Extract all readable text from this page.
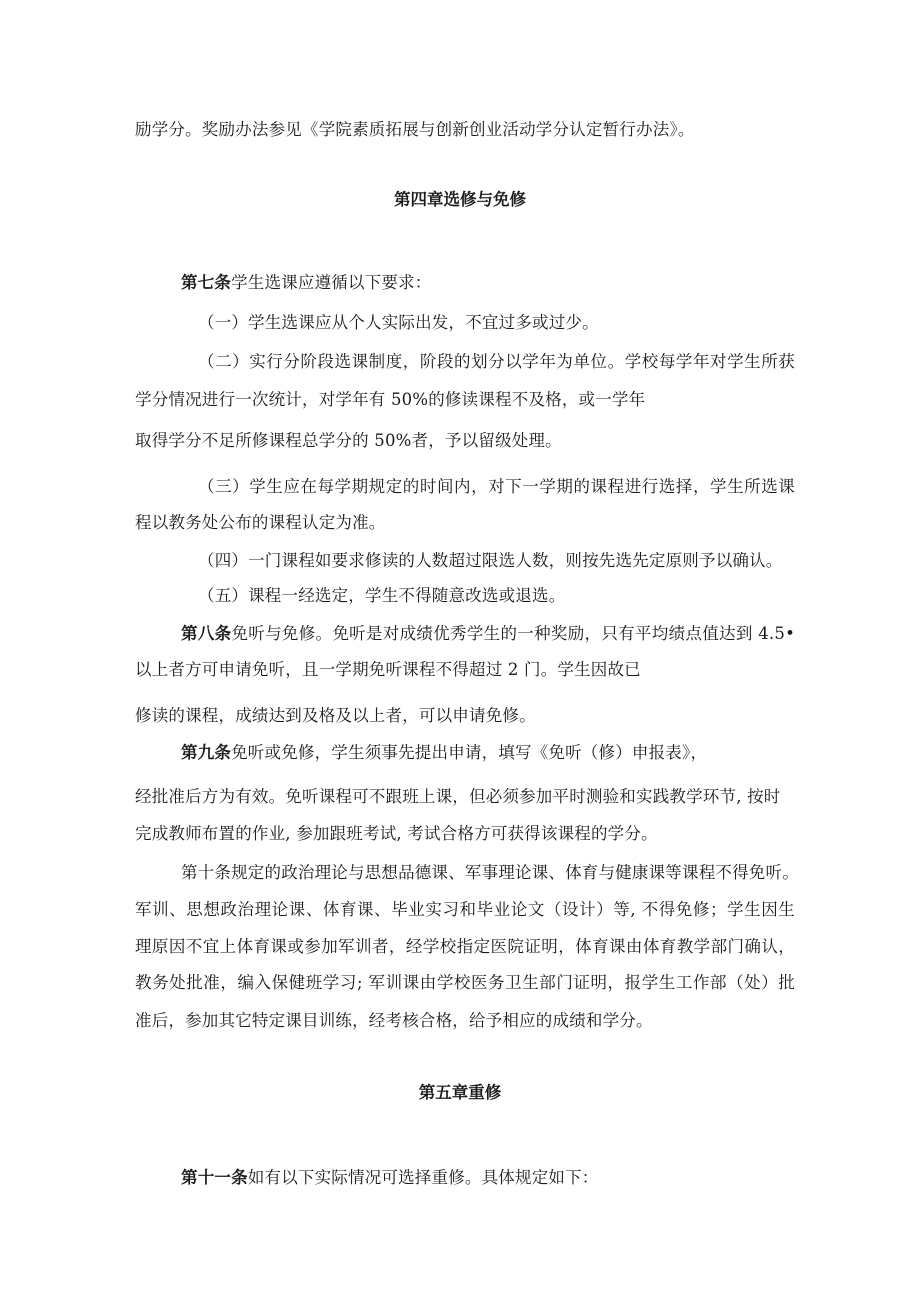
励学分。奖励办法参见《学院素质拓展与创新创业活动学分认定暂行办法》。
第四章选修与免修
第七条学生选课应遵循以下要求：
（一）学生选课应从个人实际出发，不宜过多或过少。
（二）实行分阶段选课制度，阶段的划分以学年为单位。学校每学年对学生所获
学分情况进行一次统计，对学年有 50%的修读课程不及格，或一学年
取得学分不足所修课程总学分的 50%者，予以留级处理。
（三）学生应在每学期规定的时间内，对下一学期的课程进行选择，学生所选课
程以教务处公布的课程认定为准。
（四）一门课程如要求修读的人数超过限选人数，则按先选先定原则予以确认。
（五）课程一经选定，学生不得随意改选或退选。
第八条免听与免修。免听是对成绩优秀学生的一种奖励，只有平均绩点值达到 4.5•
以上者方可申请免听，且一学期免听课程不得超过 2 门。学生因故已
修读的课程，成绩达到及格及以上者，可以申请免修。
第九条免听或免修，学生须事先提出申请，填写《免听（修）申报表》，
经批准后方为有效。免听课程可不跟班上课，但必须参加平时测验和实践教学环节, 按时
完成教师布置的作业, 参加跟班考试, 考试合格方可获得该课程的学分。
第十条规定的政治理论与思想品德课、军事理论课、体育与健康课等课程不得免听。
军训、思想政治理论课、体育课、毕业实习和毕业论文（设计）等, 不得免修；学生因生
理原因不宜上体育课或参加军训者，经学校指定医院证明，体育课由体育教学部门确认，
教务处批准，编入保健班学习; 军训课由学校医务卫生部门证明，报学生工作部（处）批
准后，参加其它特定课目训练，经考核合格，给予相应的成绩和学分。
第五章重修
第十一条如有以下实际情况可选择重修。具体规定如下：
